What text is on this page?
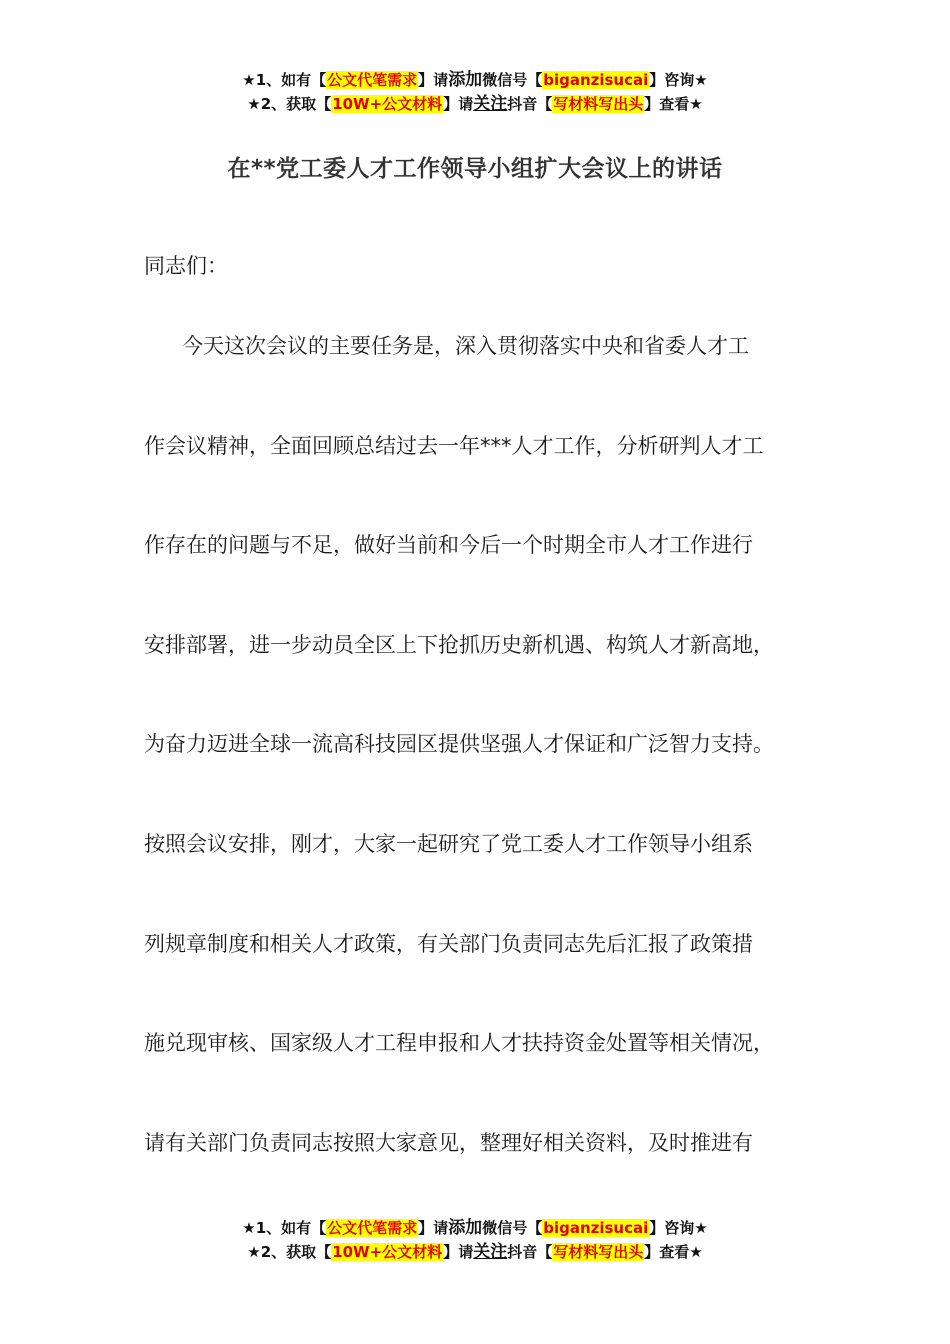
★1、如有【公文代笔需求】请添加微信号【biganzisucai】咨询★
★2、获取【10W+公文材料】请关注抖音【写材料写出头】查看★
在**党工委人才工作领导小组扩大会议上的讲话
同志们：
今天这次会议的主要任务是，深入贯彻落实中央和省委人才工
作会议精神，全面回顾总结过去一年***人才工作，分析研判人才工
作存在的问题与不足，做好当前和今后一个时期全市人才工作进行
安排部署，进一步动员全区上下抢抓历史新机遇、构筑人才新高地，
为奋力迈进全球一流高科技园区提供坚强人才保证和广泛智力支持。
按照会议安排，刚才，大家一起研究了党工委人才工作领导小组系
列规章制度和相关人才政策，有关部门负责同志先后汇报了政策措
施兑现审核、国家级人才工程申报和人才扶持资金处置等相关情况，
请有关部门负责同志按照大家意见，整理好相关资料，及时推进有
★1、如有【公文代笔需求】请添加微信号【biganzisucai】咨询★
★2、获取【10W+公文材料】请关注抖音【写材料写出头】查看★
